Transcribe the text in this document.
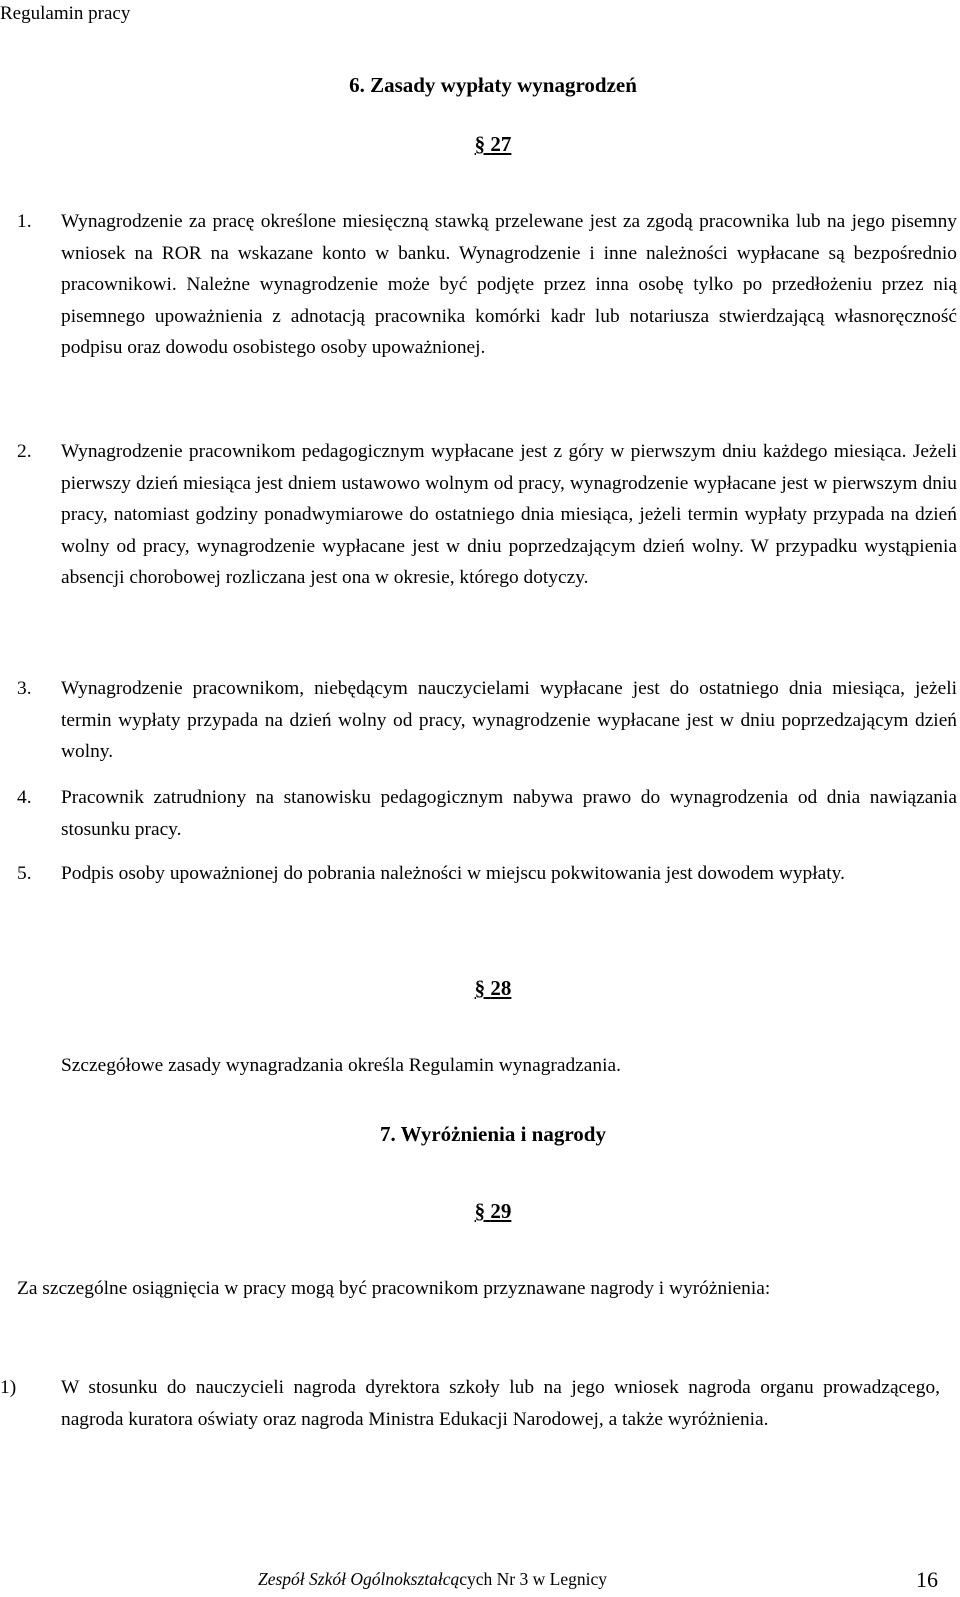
Regulamin pracy
6. Zasady wypłaty wynagrodzeń
§ 27
1. Wynagrodzenie za pracę określone miesięczną stawką przelewane jest za zgodą pracownika lub na jego pisemny wniosek na ROR na wskazane konto w banku. Wynagrodzenie i inne należności wypłacane są bezpośrednio pracownikowi. Należne wynagrodzenie może być podjęte przez inna osobę tylko po przedłożeniu przez nią pisemnego upoważnienia z adnotacją pracownika komórki kadr lub notariusza stwierdzającą własnoręczność podpisu oraz dowodu osobistego osoby upoważnionej.
2. Wynagrodzenie pracownikom pedagogicznym wypłacane jest z góry w pierwszym dniu każdego miesiąca. Jeżeli pierwszy dzień miesiąca jest dniem ustawowo wolnym od pracy, wynagrodzenie wypłacane jest w pierwszym dniu pracy, natomiast godziny ponadwymiarowe do ostatniego dnia miesiąca, jeżeli termin wypłaty przypada na dzień wolny od pracy, wynagrodzenie wypłacane jest w dniu poprzedzającym dzień wolny. W przypadku wystąpienia absencji chorobowej rozliczana jest ona w okresie, którego dotyczy.
3. Wynagrodzenie pracownikom, niebędącym nauczycielami wypłacane jest do ostatniego dnia miesiąca, jeżeli termin wypłaty przypada na dzień wolny od pracy, wynagrodzenie wypłacane jest w dniu poprzedzającym dzień wolny.
4. Pracownik zatrudniony na stanowisku pedagogicznym nabywa prawo do wynagrodzenia od dnia nawiązania stosunku pracy.
5. Podpis osoby upoważnionej do pobrania należności w miejscu pokwitowania jest dowodem wypłaty.
§ 28
Szczegółowe zasady wynagradzania określa Regulamin wynagradzania.
7. Wyróżnienia i nagrody
§ 29
Za szczególne osiągnięcia w pracy mogą być pracownikom przyznawane nagrody i wyróżnienia:
1) W stosunku do nauczycieli nagroda dyrektora szkoły lub na jego wniosek nagroda organu prowadzącego, nagroda kuratora oświaty oraz nagroda Ministra Edukacji Narodowej, a także wyróżnienia.
Zespół Szkół Ogólnokształcących Nr 3 w Legnicy	16
